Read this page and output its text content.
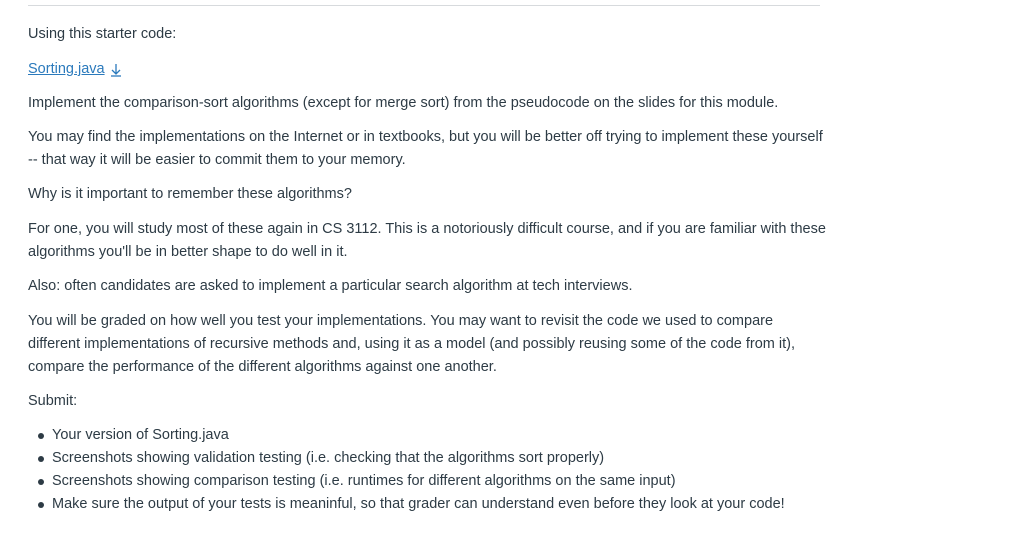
Using this starter code:

Sorting.java

Implement the comparison-sort algorithms (except for merge sort) from the pseudocode on the slides for this module.

You may find the implementations on the Internet or in textbooks, but you will be better off trying to implement these yourself -- that way it will be easier to commit them to your memory.

Why is it important to remember these algorithms?

For one, you will study most of these again in CS 3112. This is a notoriously difficult course, and if you are familiar with these algorithms you'll be in better shape to do well in it.

Also: often candidates are asked to implement a particular search algorithm at tech interviews.

You will be graded on how well you test your implementations. You may want to revisit the code we used to compare different implementations of recursive methods and, using it as a model (and possibly reusing some of the code from it), compare the performance of the different algorithms against one another.

Submit:

Your version of Sorting.java
Screenshots showing validation testing (i.e. checking that the algorithms sort properly)
Screenshots showing comparison testing (i.e. runtimes for different algorithms on the same input)
Make sure the output of your tests is meaninful, so that grader can understand even before they look at your code!
